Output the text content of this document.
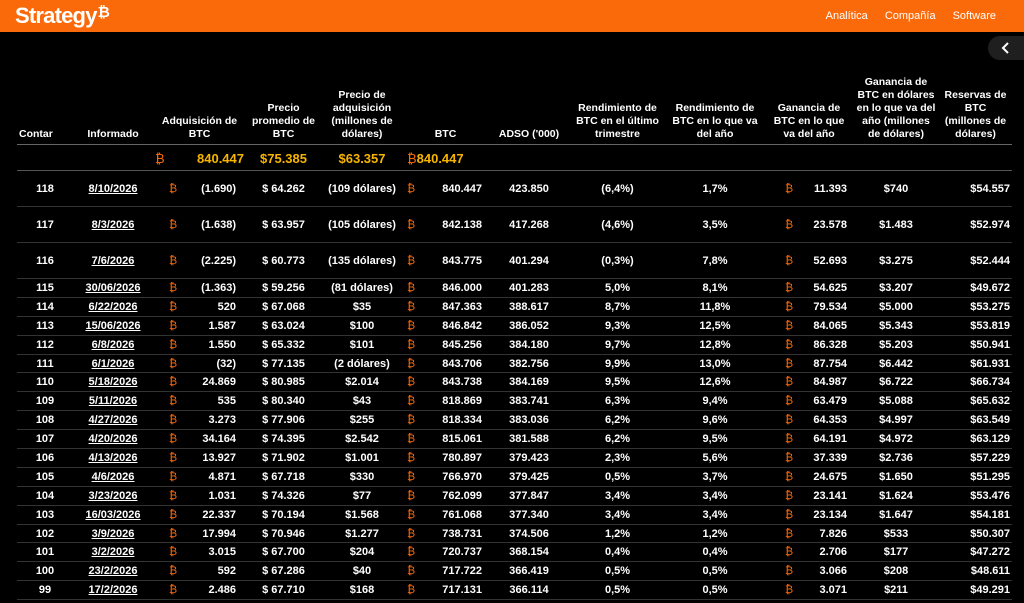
Strategy₿	Analítica Compañía Software
Contar	Informado	Adquisición de BTC	Precio promedio de BTC	Precio de adquisición (millones de dólares)	BTC	ADSO ('000)	Rendimiento de BTC en el último trimestre	Rendimiento de BTC en lo que va del año	Ganancia de BTC en lo que va del año	Ganancia de BTC en dólares en lo que va del año (millones de dólares)	Reservas de BTC (millones de dólares)

		₿ 840.447	$75.385	$63.357	₿840.447						
118	8/10/2026	₿ (1.690)	$ 64.262	(109 dólares)	₿ 840.447	423.850	(6,4%)	1,7%	₿ 11.393	$740	$54.557
117	8/3/2026	₿ (1.638)	$ 63.957	(105 dólares)	₿ 842.138	417.268	(4,6%)	3,5%	₿ 23.578	$1.483	$52.974
116	7/6/2026	₿ (2.225)	$ 60.773	(135 dólares)	₿ 843.775	401.294	(0,3%)	7,8%	₿ 52.693	$3.275	$52.444
115	30/06/2026	₿ (1.363)	$ 59.256	(81 dólares)	₿ 846.000	401.283	5,0%	8,1%	₿ 54.625	$3.207	$49.672
114	6/22/2026	₿ 520	$ 67.068	$35	₿ 847.363	388.617	8,7%	11,8%	₿ 79.534	$5.000	$53.275
113	15/06/2026	₿ 1.587	$ 63.024	$100	₿ 846.842	386.052	9,3%	12,5%	₿ 84.065	$5.343	$53.819
112	6/8/2026	₿ 1.550	$ 65.332	$101	₿ 845.256	384.180	9,7%	12,8%	₿ 86.328	$5.203	$50.941
111	6/1/2026	₿ (32)	$ 77.135	(2 dólares)	₿ 843.706	382.756	9,9%	13,0%	₿ 87.754	$6.442	$61.931
110	5/18/2026	₿ 24.869	$ 80.985	$2.014	₿ 843.738	384.169	9,5%	12,6%	₿ 84.987	$6.722	$66.734
109	5/11/2026	₿ 535	$ 80.340	$43	₿ 818.869	383.741	6,3%	9,4%	₿ 63.479	$5.088	$65.632
108	4/27/2026	₿ 3.273	$ 77.906	$255	₿ 818.334	383.036	6,2%	9,6%	₿ 64.353	$4.997	$63.549
107	4/20/2026	₿ 34.164	$ 74.395	$2.542	₿ 815.061	381.588	6,2%	9,5%	₿ 64.191	$4.972	$63.129
106	4/13/2026	₿ 13.927	$ 71.902	$1.001	₿ 780.897	379.423	2,3%	5,6%	₿ 37.339	$2.736	$57.229
105	4/6/2026	₿ 4.871	$ 67.718	$330	₿ 766.970	379.425	0,5%	3,7%	₿ 24.675	$1.650	$51.295
104	3/23/2026	₿ 1.031	$ 74.326	$77	₿ 762.099	377.847	3,4%	3,4%	₿ 23.141	$1.624	$53.476
103	16/03/2026	₿ 22.337	$ 70.194	$1.568	₿ 761.068	377.340	3,4%	3,4%	₿ 23.134	$1.647	$54.181
102	3/9/2026	₿ 17.994	$ 70.946	$1.277	₿ 738.731	374.506	1,2%	1,2%	₿ 7.826	$533	$50.307
101	3/2/2026	₿ 3.015	$ 67.700	$204	₿ 720.737	368.154	0,4%	0,4%	₿ 2.706	$177	$47.272
100	23/2/2026	₿ 592	$ 67.286	$40	₿ 717.722	366.419	0,5%	0,5%	₿ 3.066	$208	$48.611
99	17/2/2026	₿ 2.486	$ 67.710	$168	₿ 717.131	366.114	0,5%	0,5%	₿ 3.071	$211	$49.291
